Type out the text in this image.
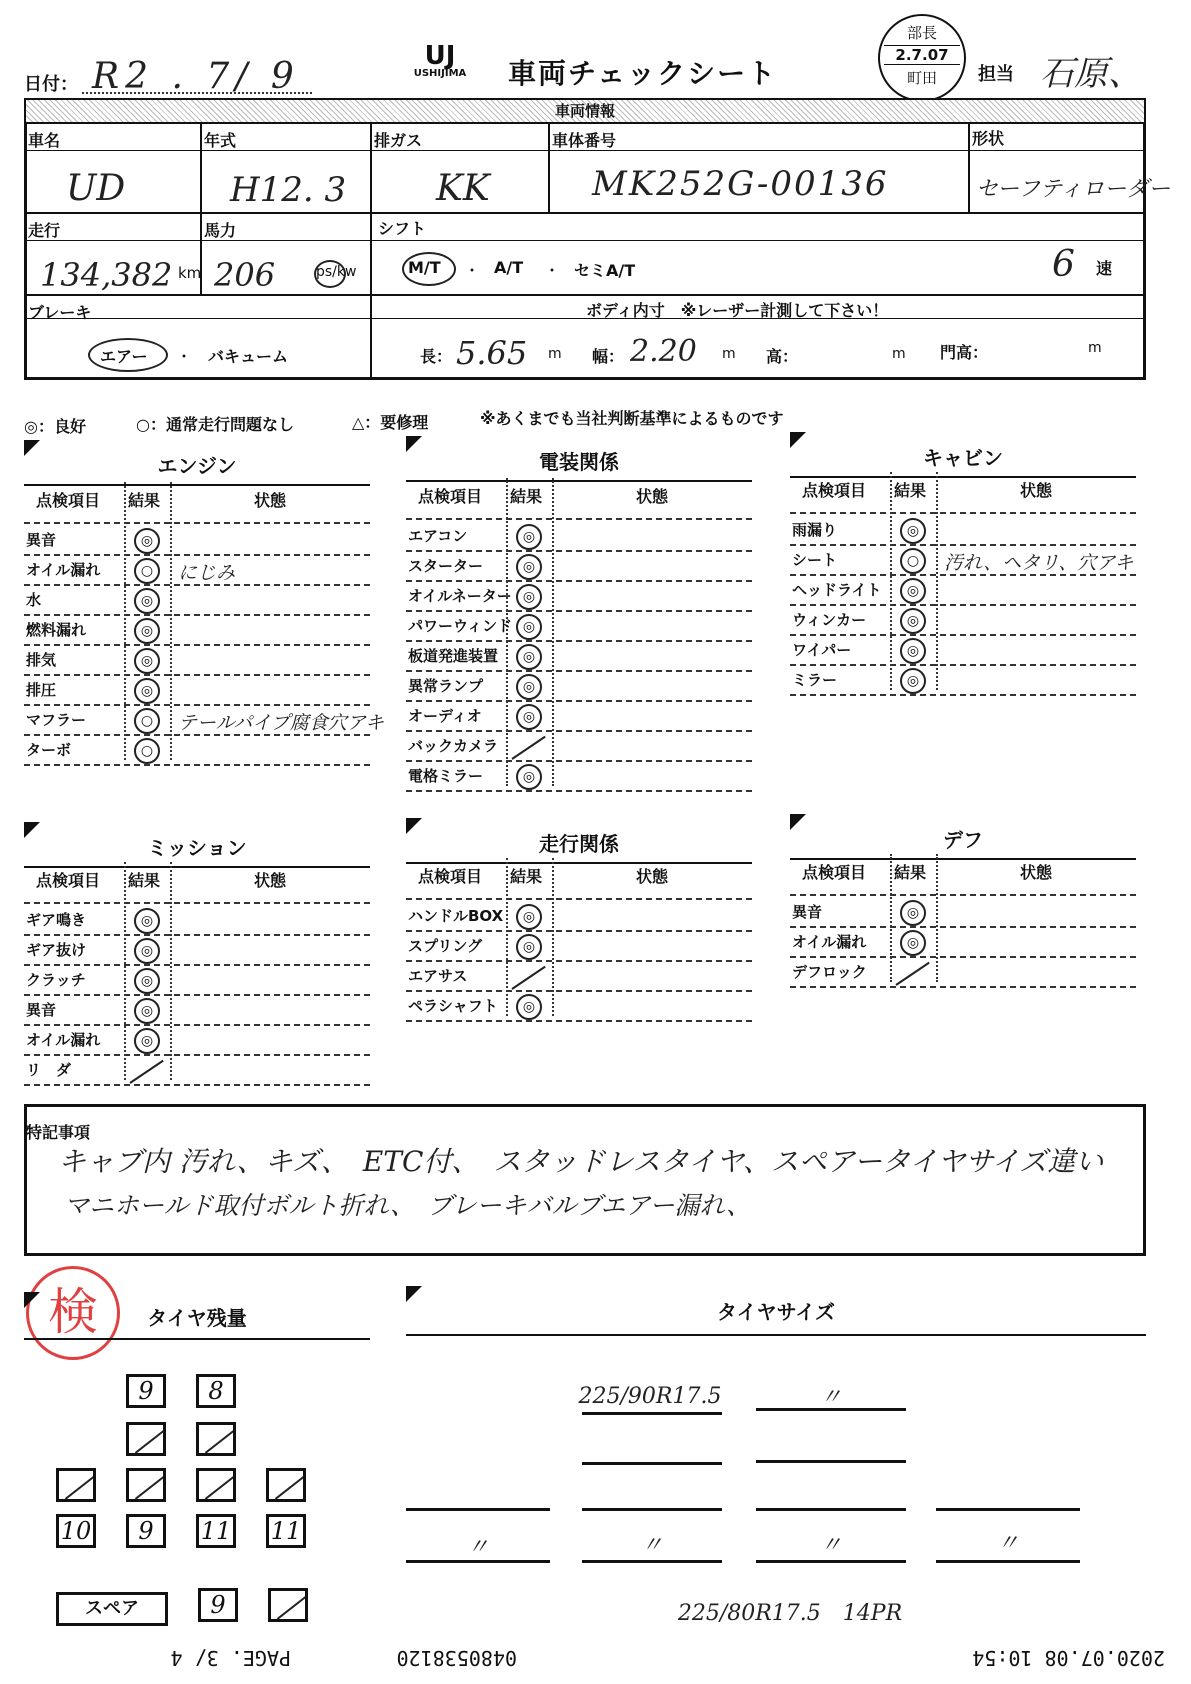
日付： R2 . 7/ 9	UJ
USHIJIMA 車両チェックシート
部長
2.7.07
町田	担当 石原、
車両情報
車名
UD
年式
H12. 3
排ガス
KK
車体番号
MK252G-00136
形状
セーフティローダー
走行
134,382 km
馬力
206	ps/kw
シフト
M/T ・ A/T ・ セミA/T	6 速
ブレーキ
エアー ・ バキューム
ボディ内寸　※レーザー計測して下さい！
長： 5.65 m 幅： 2.20 m 高：	m 門高：	m
◎：良好	○：通常走行問題なし	△：要修理	※あくまでも当社判断基準によるものです
エンジン
点検項目 結果	状態
異音	◎
オイル漏れ	○	にじみ
水	◎
燃料漏れ	◎
排気	◎
排圧	◎
マフラー	○	テールパイプ腐食穴アキ
ターボ	○
電装関係
点検項目 結果	状態
エアコン	◎
スターター	◎
オイルネーター ◎
パワーウィンド ◎
板道発進装置	◎
異常ランプ	◎
オーディオ	◎
バックカメラ
電格ミラー	◎
キャビン
点検項目 結果	状態
雨漏り	◎
シート	○	汚れ、ヘタリ、穴アキ
ヘッドライト	◎
ウィンカー	◎
ワイパー	◎
ミラー	◎
ミッション
点検項目 結果	状態
ギア鳴き	◎
ギア抜け	◎
クラッチ	◎
異音	◎
オイル漏れ	◎
リ　ダ
走行関係
点検項目 結果	状態
ハンドルBOX	◎
スプリング	◎
エアサス
ペラシャフト	◎
デフ
点検項目 結果	状態
異音	◎
オイル漏れ	◎
デフロック
特記事項
キャブ内 汚れ、キズ、　ETC付、　スタッドレスタイヤ、スペアータイヤサイズ違い
マニホールド取付ボルト折れ、　ブレーキバルブエアー漏れ、
検	タイヤ残量	タイヤサイズ
9	8
10	9	11 11
9
スペア
225/90R17.5	〃
〃	〃	〃	〃
225/80R17.5　14PR
2020.07.08 10:54
0480538120
PAGE. 3/ 4
